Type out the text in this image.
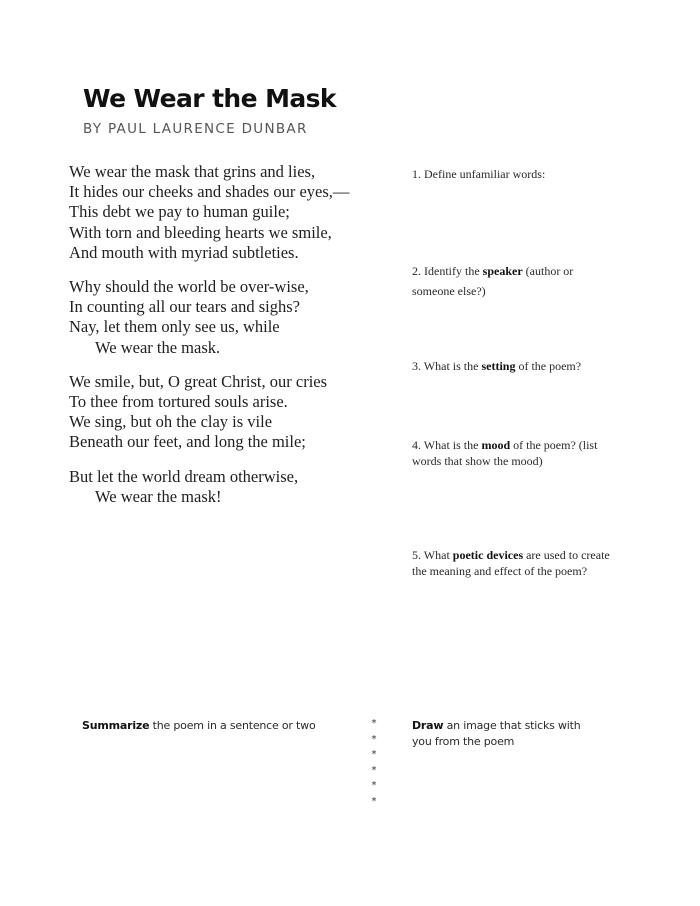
We Wear the Mask
BY PAUL LAURENCE DUNBAR
We wear the mask that grins and lies,
It hides our cheeks and shades our eyes,—
This debt we pay to human guile;
With torn and bleeding hearts we smile,
And mouth with myriad subtleties.
Why should the world be over-wise,
In counting all our tears and sighs?
Nay, let them only see us, while
We wear the mask.
We smile, but, O great Christ, our cries
To thee from tortured souls arise.
We sing, but oh the clay is vile
Beneath our feet, and long the mile;
But let the world dream otherwise,
We wear the mask!
1. Define unfamiliar words:
2. Identify the speaker (author or someone else?)
3. What is the setting of the poem?
4. What is the mood of the poem? (list words that show the mood)
5. What poetic devices are used to create the meaning and effect of the poem?
Summarize the poem in a sentence or two	*
*
*
*
*
*
Draw an image that sticks with you from the poem
